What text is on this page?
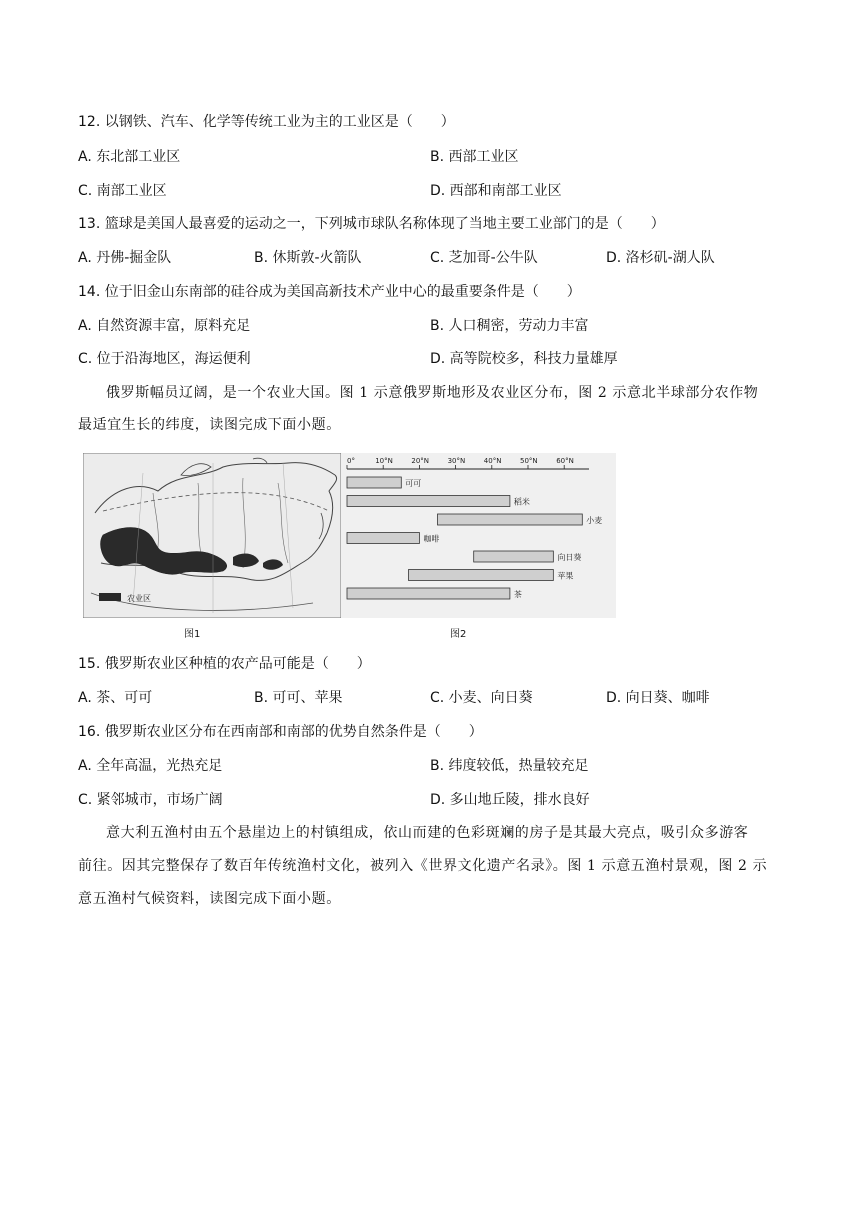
12. 以钢铁、汽车、化学等传统工业为主的工业区是（　　）
A. 东北部工业区	B. 西部工业区
C. 南部工业区	D. 西部和南部工业区
13. 篮球是美国人最喜爱的运动之一，下列城市球队名称体现了当地主要工业部门的是（　　）
A. 丹佛-掘金队	B. 休斯敦-火箭队	C. 芝加哥-公牛队	D. 洛杉矶-湖人队
14. 位于旧金山东南部的硅谷成为美国高新技术产业中心的最重要条件是（　　）
A. 自然资源丰富，原料充足	B. 人口稠密，劳动力丰富
C. 位于沿海地区，海运便利	D. 高等院校多，科技力量雄厚
俄罗斯幅员辽阔，是一个农业大国。图 1 示意俄罗斯地形及农业区分布，图 2 示意北半球部分农作物
最适宜生长的纬度，读图完成下面小题。
农业区
图1
0°	10°N	20°N	30°N	40°N	50°N	60°N
可可
稻米
小麦
咖啡
向日葵
苹果
茶
图2
15. 俄罗斯农业区种植的农产品可能是（　　）
A. 茶、可可	B. 可可、苹果	C. 小麦、向日葵	D. 向日葵、咖啡
16. 俄罗斯农业区分布在西南部和南部的优势自然条件是（　　）
A. 全年高温，光热充足	B. 纬度较低，热量较充足
C. 紧邻城市，市场广阔	D. 多山地丘陵，排水良好
意大利五渔村由五个悬崖边上的村镇组成，依山而建的色彩斑斓的房子是其最大亮点，吸引众多游客
前往。因其完整保存了数百年传统渔村文化，被列入《世界文化遗产名录》。图 1 示意五渔村景观，图 2 示
意五渔村气候资料，读图完成下面小题。
